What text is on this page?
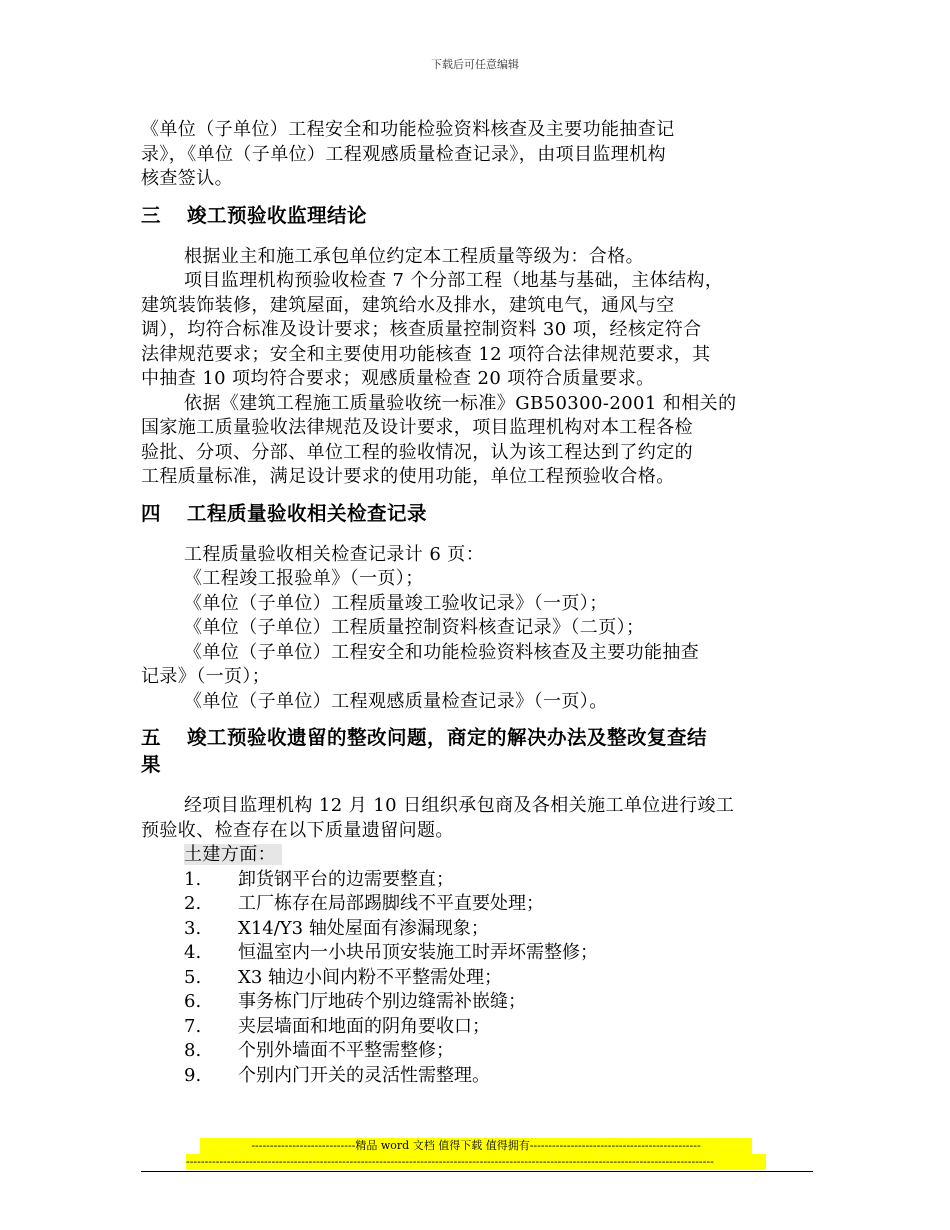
下载后可任意编辑

《单位（子单位）工程安全和功能检验资料核查及主要功能抽查记

录》，《单位（子单位）工程观感质量检查记录》，由项目监理机构

核查签认。

三 竣工预验收监理结论

根据业主和施工承包单位约定本工程质量等级为：合格。

项目监理机构预验收检查 7 个分部工程（地基与基础，主体结构，

建筑装饰装修，建筑屋面，建筑给水及排水，建筑电气，通风与空

调），均符合标准及设计要求；核查质量控制资料 30 项，经核定符合

法律规范要求；安全和主要使用功能核查 12 项符合法律规范要求，其

中抽查 10 项均符合要求；观感质量检查 20 项符合质量要求。

依据《建筑工程施工质量验收统一标准》GB50300-2001 和相关的

国家施工质量验收法律规范及设计要求，项目监理机构对本工程各检

验批、分项、分部、单位工程的验收情况，认为该工程达到了约定的

工程质量标准，满足设计要求的使用功能，单位工程预验收合格。

四 工程质量验收相关检查记录

工程质量验收相关检查记录计 6 页：

《工程竣工报验单》（一页）；

《单位（子单位）工程质量竣工验收记录》（一页）；

《单位（子单位）工程质量控制资料核查记录》（二页）；

《单位（子单位）工程安全和功能检验资料核查及主要功能抽查

记录》（一页）；

《单位（子单位）工程观感质量检查记录》（一页）。

五 竣工预验收遗留的整改问题，商定的解决办法及整改复查结
果

经项目监理机构 12 月 10 日组织承包商及各相关施工单位进行竣工

预验收、检查存在以下质量遗留问题。

土建方面：

1.	卸货钢平台的边需要整直；
2.	工厂栋存在局部踢脚线不平直要处理；
3.	X14/Y3 轴处屋面有渗漏现象；
4.	恒温室内一小块吊顶安装施工时弄坏需整修；
5.	X3 轴边小间内粉不平整需处理；
6.	事务栋门厅地砖个别边缝需补嵌缝；
7.	夹层墙面和地面的阴角要收口；
8.	个别外墙面不平整需整修；
9.	个别内门开关的灵活性需整理。
----------------------------精品 word 文档 值得下载 值得拥有----------------------------------------------
----------------------------------------------------------------------------------------------------------------------------------------------
